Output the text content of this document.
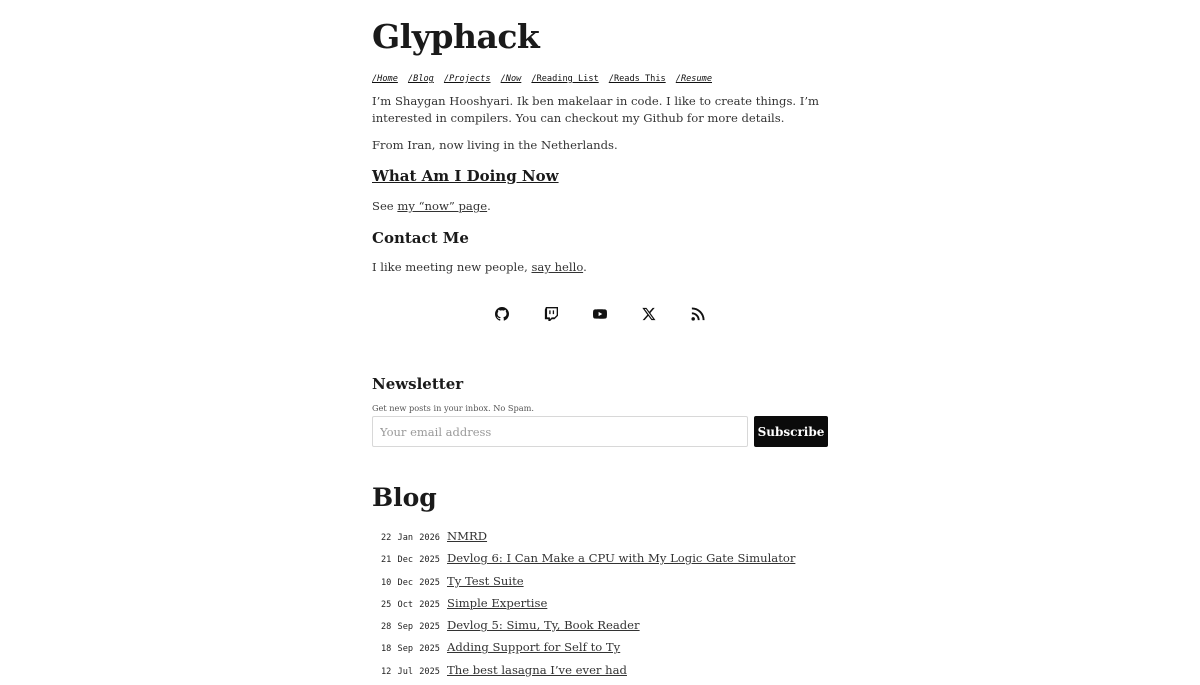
Glyphack
/Home /Blog /Projects /Now /Reading_List /Reads This /Resume

I’m Shaygan Hooshyari. Ik ben makelaar in code. I like to create things. I’m interested in compilers. You can checkout my Github for more details.

From Iran, now living in the Netherlands.

What Am I Doing Now

See my “now” page.

Contact Me

I like meeting new people, say hello.

Newsletter
Get new posts in your inbox. No Spam.
Your email address
Subscribe
Blog
22 Jan 2026 NMRD
21 Dec 2025 Devlog 6: I Can Make a CPU with My Logic Gate Simulator
10 Dec 2025 Ty Test Suite
25 Oct 2025 Simple Expertise
28 Sep 2025 Devlog 5: Simu, Ty, Book Reader
18 Sep 2025 Adding Support for Self to Ty
12 Jul 2025 The best lasagna I’ve ever had
